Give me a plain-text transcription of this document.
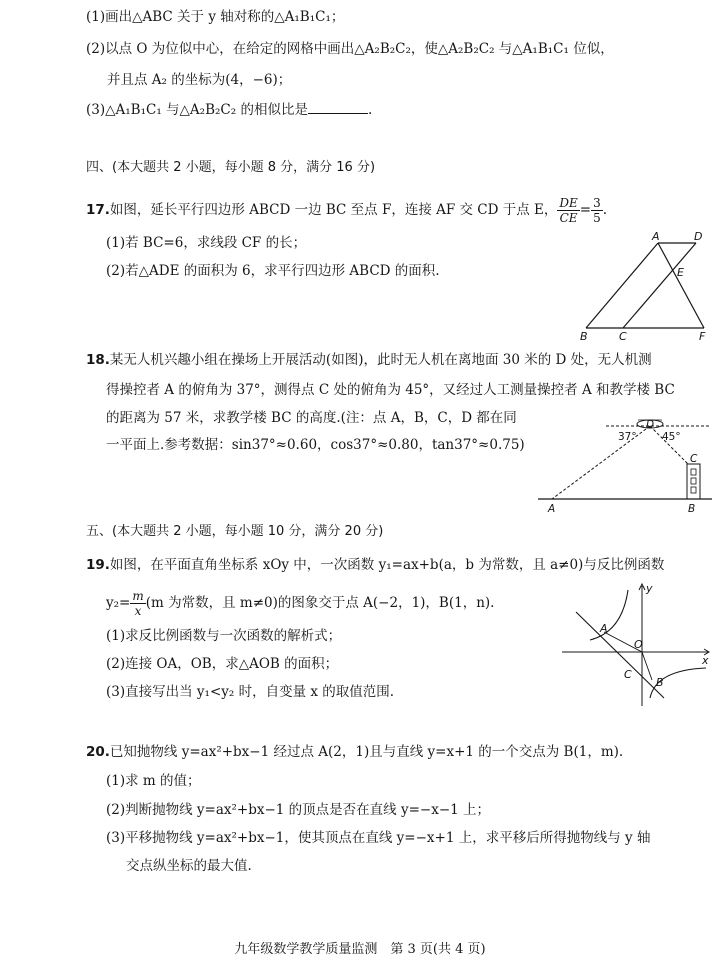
(1)画出△ABC 关于 y 轴对称的△A₁B₁C₁；
(2)以点 O 为位似中心，在给定的网格中画出△A₂B₂C₂，使△A₂B₂C₂ 与△A₁B₁C₁ 位似，
并且点 A₂ 的坐标为(4，−6)；
(3)△A₁B₁C₁ 与△A₂B₂C₂ 的相似比是	.
四、(本大题共 2 小题，每小题 8 分，满分 16 分)
17.如图，延长平行四边形 ABCD 一边 BC 至点 F，连接 AF 交 CD 于点 E， $\frac{DE}{CE} = \frac{3}{5}$ .
(1)若 BC=6，求线段 CF 的长；
(2)若△ADE 的面积为 6，求平行四边形 ABCD 的面积.
A	D
E
B	C	F
18.某无人机兴趣小组在操场上开展活动(如图)，此时无人机在离地面 30 米的 D 处，无人机测
得操控者 A 的俯角为 37°，测得点 C 处的俯角为 45°，又经过人工测量操控者 A 和教学楼 BC
的距离为 57 米，求教学楼 BC 的高度.(注：点 A，B，C，D 都在同
一平面上.参考数据：sin37°≈0.60，cos37°≈0.80，tan37°≈0.75)
D
37° 45°
C
A	B
五、(本大题共 2 小题，每小题 10 分，满分 20 分)
19.如图，在平面直角坐标系 xOy 中，一次函数 y₁=ax+b(a，b 为常数，且 a≠0)与反比例函数
$y_2= \frac{m}{x} (m$ 为常数，且 m≠0)的图象交于点 A(−2，1)，B(1，n).
(1)求反比例函数与一次函数的解析式；
(2)连接 OA，OB，求△AOB 的面积；
(3)直接写出当 y₁<y₂ 时，自变量 x 的取值范围.
y
x
O
A
B
C
20.已知抛物线 y=ax²+bx−1 经过点 A(2，1)且与直线 y=x+1 的一个交点为 B(1，m).
(1)求 m 的值；
(2)判断抛物线 y=ax²+bx−1 的顶点是否在直线 y=−x−1 上；
(3)平移抛物线 y=ax²+bx−1，使其顶点在直线 y=−x+1 上，求平移后所得抛物线与 y 轴
交点纵坐标的最大值.
九年级数学教学质量监测　第 3 页(共 4 页)
